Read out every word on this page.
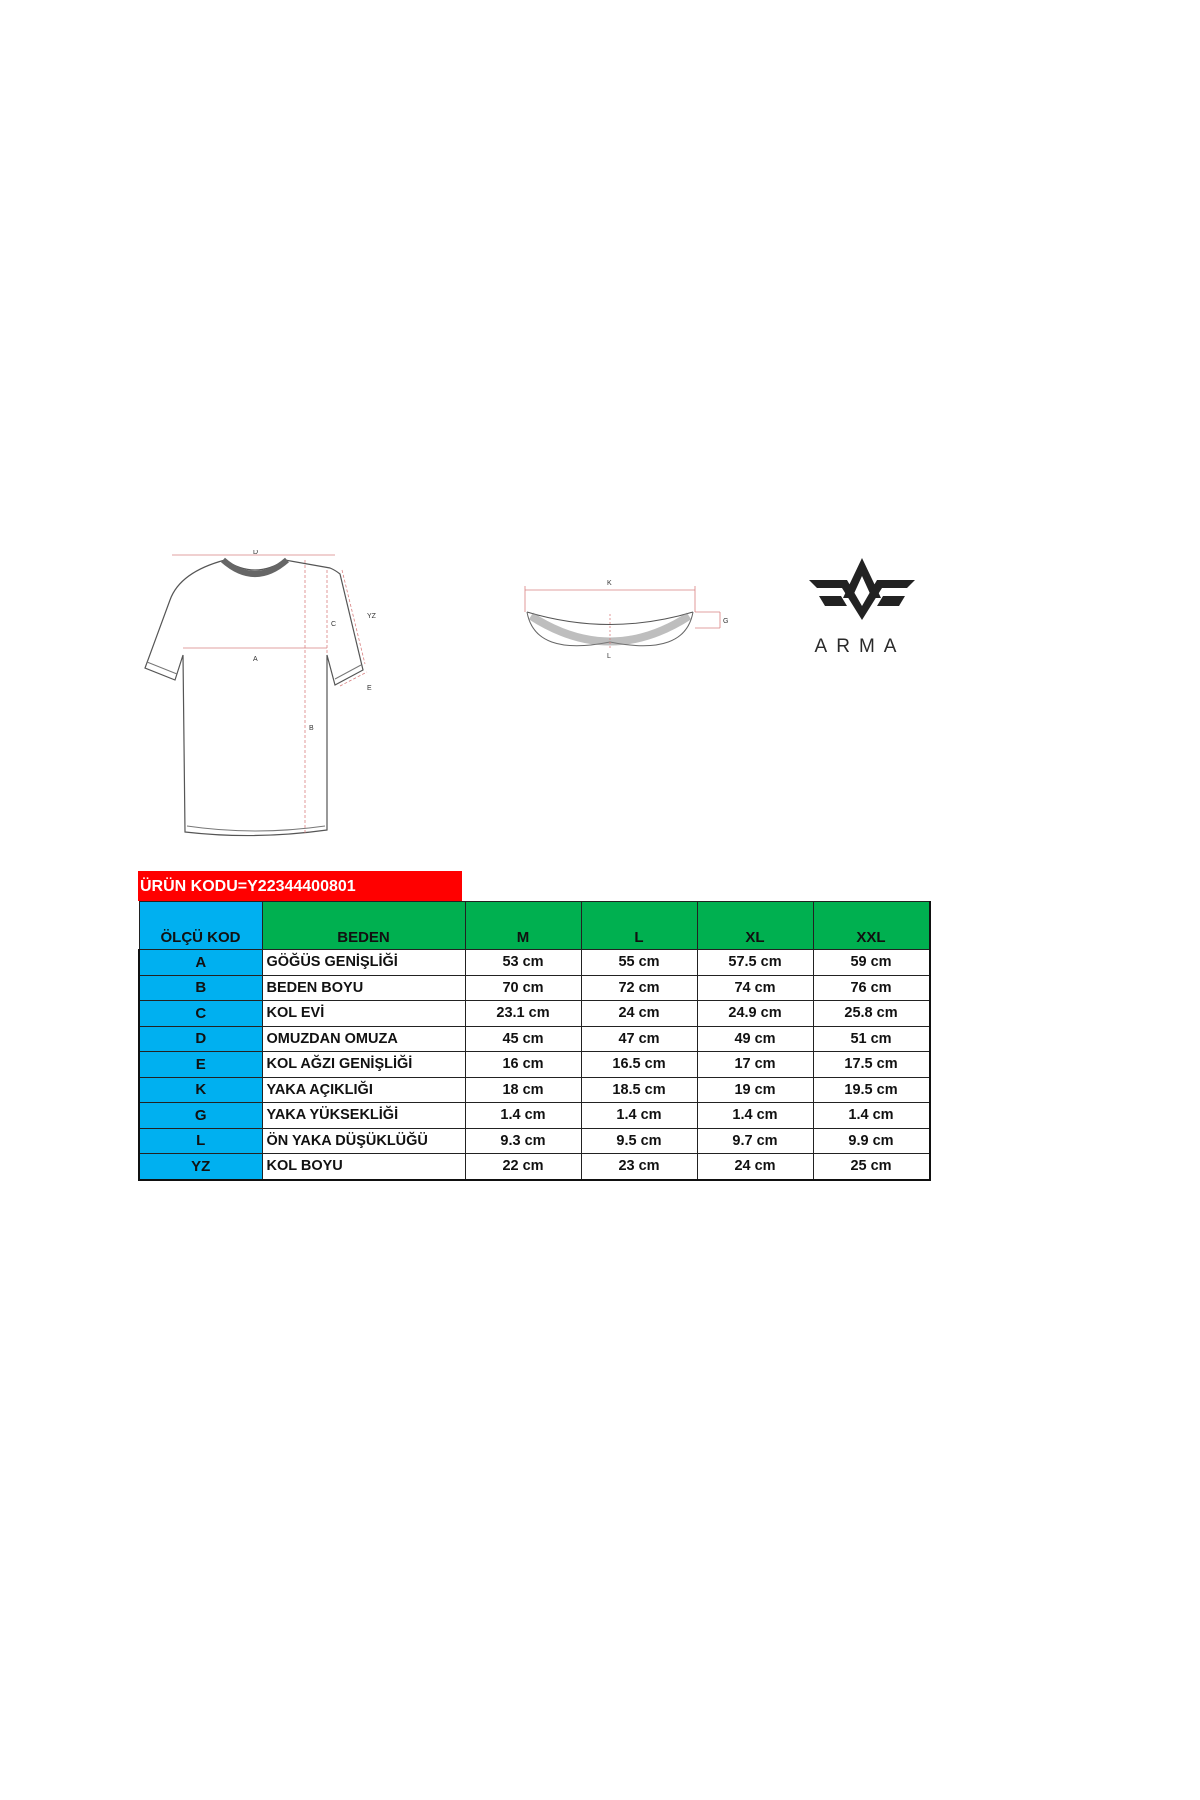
D
YZ
C
A
E
B
K
G
L	ARMA
ÜRÜN KODU=Y22344400801
ÖLÇÜ KOD	BEDEN	M	L	XL	XXL
A	GÖĞÜS GENİŞLİĞİ	53 cm	55 cm	57.5 cm	59 cm
B	BEDEN BOYU	70 cm	72 cm	74 cm	76 cm
C	KOL EVİ	23.1 cm	24 cm	24.9 cm	25.8 cm
D	OMUZDAN OMUZA	45 cm	47 cm	49 cm	51 cm
E	KOL AĞZI GENİŞLİĞİ	16 cm	16.5 cm	17 cm	17.5 cm
K	YAKA AÇIKLIĞI	18 cm	18.5 cm	19 cm	19.5 cm
G	YAKA YÜKSEKLİĞİ	1.4 cm	1.4 cm	1.4 cm	1.4 cm
L	ÖN YAKA DÜŞÜKLÜĞÜ	9.3 cm	9.5 cm	9.7 cm	9.9 cm
YZ	KOL BOYU	22 cm	23 cm	24 cm	25 cm
